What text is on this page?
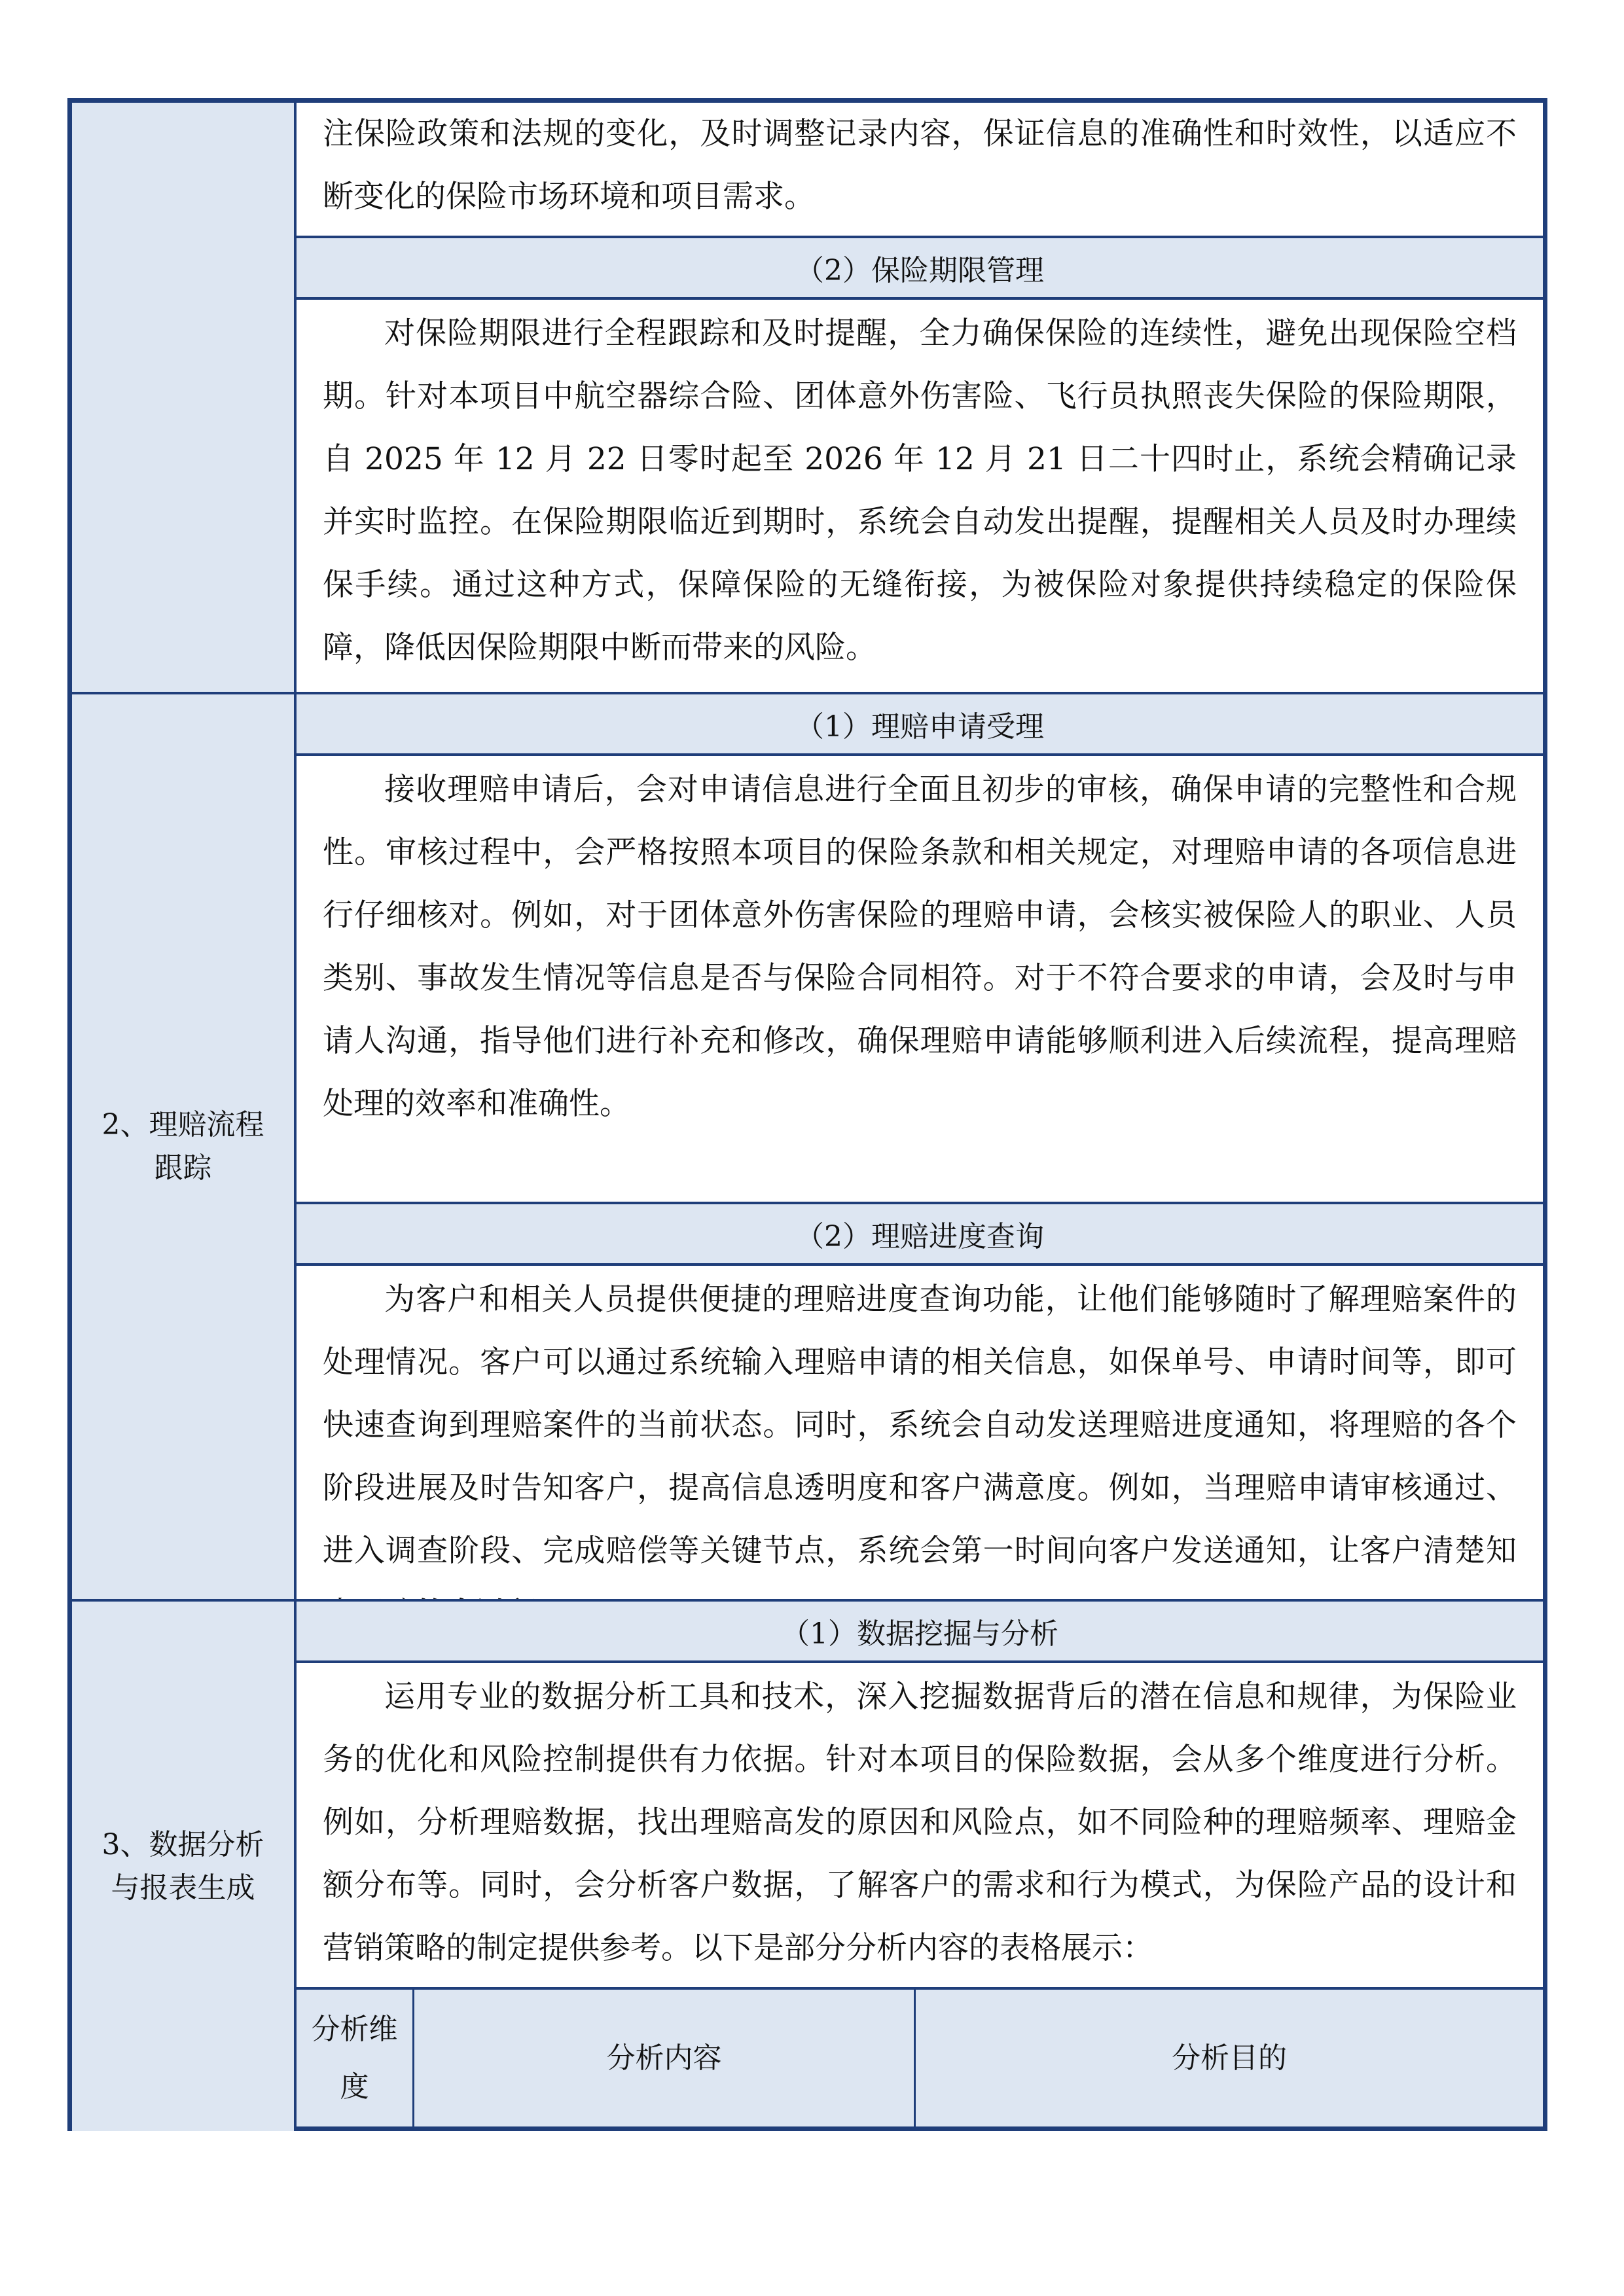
注保险政策和法规的变化，及时调整记录内容，保证信息的准确性和时效性，以适应不断变化的保险市场环境和项目需求。
（2）保险期限管理
对保险期限进行全程跟踪和及时提醒，全力确保保险的连续性，避免出现保险空档期。针对本项目中航空器综合险、团体意外伤害险、飞行员执照丧失保险的保险期限，自 2025 年 12 月 22 日零时起至 2026 年 12 月 21 日二十四时止，系统会精确记录并实时监控。在保险期限临近到期时，系统会自动发出提醒，提醒相关人员及时办理续保手续。通过这种方式，保障保险的无缝衔接，为被保险对象提供持续稳定的保险保障，降低因保险期限中断而带来的风险。
2、理赔流程跟踪
（1）理赔申请受理
接收理赔申请后，会对申请信息进行全面且初步的审核，确保申请的完整性和合规性。审核过程中，会严格按照本项目的保险条款和相关规定，对理赔申请的各项信息进行仔细核对。例如，对于团体意外伤害保险的理赔申请，会核实被保险人的职业、人员类别、事故发生情况等信息是否与保险合同相符。对于不符合要求的申请，会及时与申请人沟通，指导他们进行补充和修改，确保理赔申请能够顺利进入后续流程，提高理赔处理的效率和准确性。
（2）理赔进度查询
为客户和相关人员提供便捷的理赔进度查询功能，让他们能够随时了解理赔案件的处理情况。客户可以通过系统输入理赔申请的相关信息，如保单号、申请时间等，即可快速查询到理赔案件的当前状态。同时，系统会自动发送理赔进度通知，将理赔的各个阶段进展及时告知客户，提高信息透明度和客户满意度。例如，当理赔申请审核通过、进入调查阶段、完成赔偿等关键节点，系统会第一时间向客户发送通知，让客户清楚知
3、数据分析与报表生成
（1）数据挖掘与分析
运用专业的数据分析工具和技术，深入挖掘数据背后的潜在信息和规律，为保险业务的优化和风险控制提供有力依据。针对本项目的保险数据，会从多个维度进行分析。例如，分析理赔数据，找出理赔高发的原因和风险点，如不同险种的理赔频率、理赔金额分布等。同时，会分析客户数据，了解客户的需求和行为模式，为保险产品的设计和营销策略的制定提供参考。以下是部分分析内容的表格展示：
分析维度
分析内容	分析目的
